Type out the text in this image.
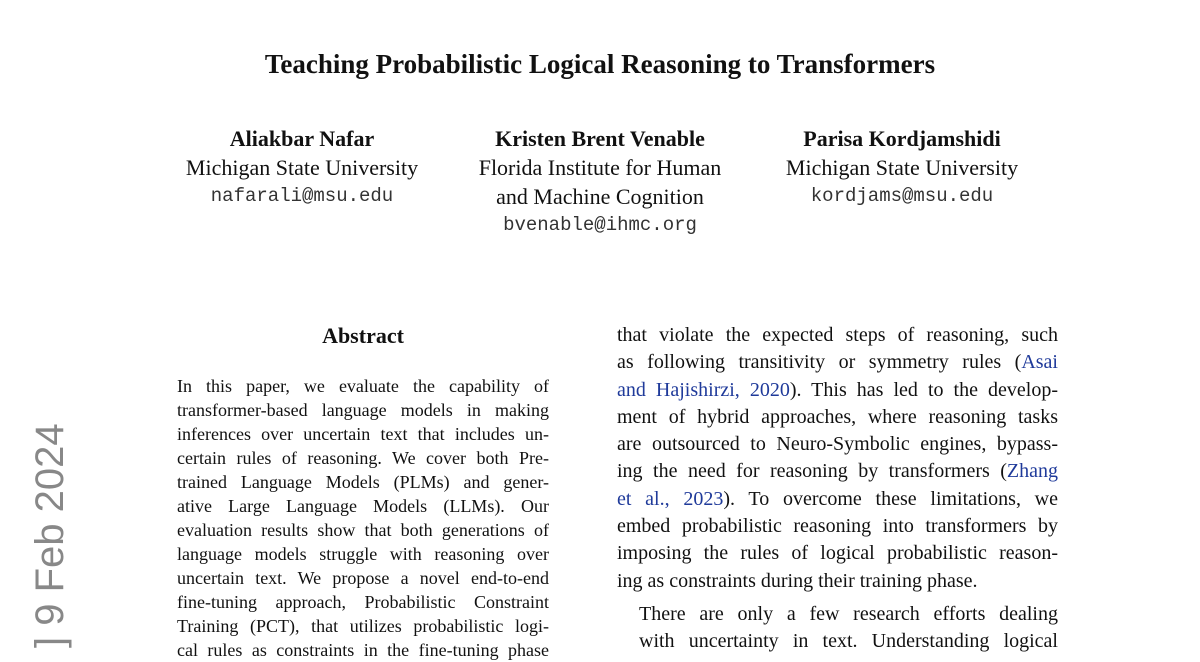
Teaching Probabilistic Logical Reasoning to Transformers
Aliakbar Nafar
Michigan State University
nafarali@msu.edu
Kristen Brent Venable
Florida Institute for Human
and Machine Cognition
bvenable@ihmc.org
Parisa Kordjamshidi
Michigan State University
kordjams@msu.edu
] 9 Feb 2024
Abstract
In this paper, we evaluate the capability of
transformer-based language models in making
inferences over uncertain text that includes un-
certain rules of reasoning. We cover both Pre-
trained Language Models (PLMs) and gener-
ative Large Language Models (LLMs). Our
evaluation results show that both generations of
language models struggle with reasoning over
uncertain text. We propose a novel end-to-end
fine-tuning approach, Probabilistic Constraint
Training (PCT), that utilizes probabilistic logi-
cal rules as constraints in the fine-tuning phase

that violate the expected steps of reasoning, such
as following transitivity or symmetry rules (Asai
and Hajishirzi, 2020). This has led to the develop-
ment of hybrid approaches, where reasoning tasks
are outsourced to Neuro-Symbolic engines, bypass-
ing the need for reasoning by transformers (Zhang
et al., 2023). To overcome these limitations, we
embed probabilistic reasoning into transformers by
imposing the rules of logical probabilistic reason-
ing as constraints during their training phase.

There are only a few research efforts dealing
with uncertainty in text. Understanding logical
